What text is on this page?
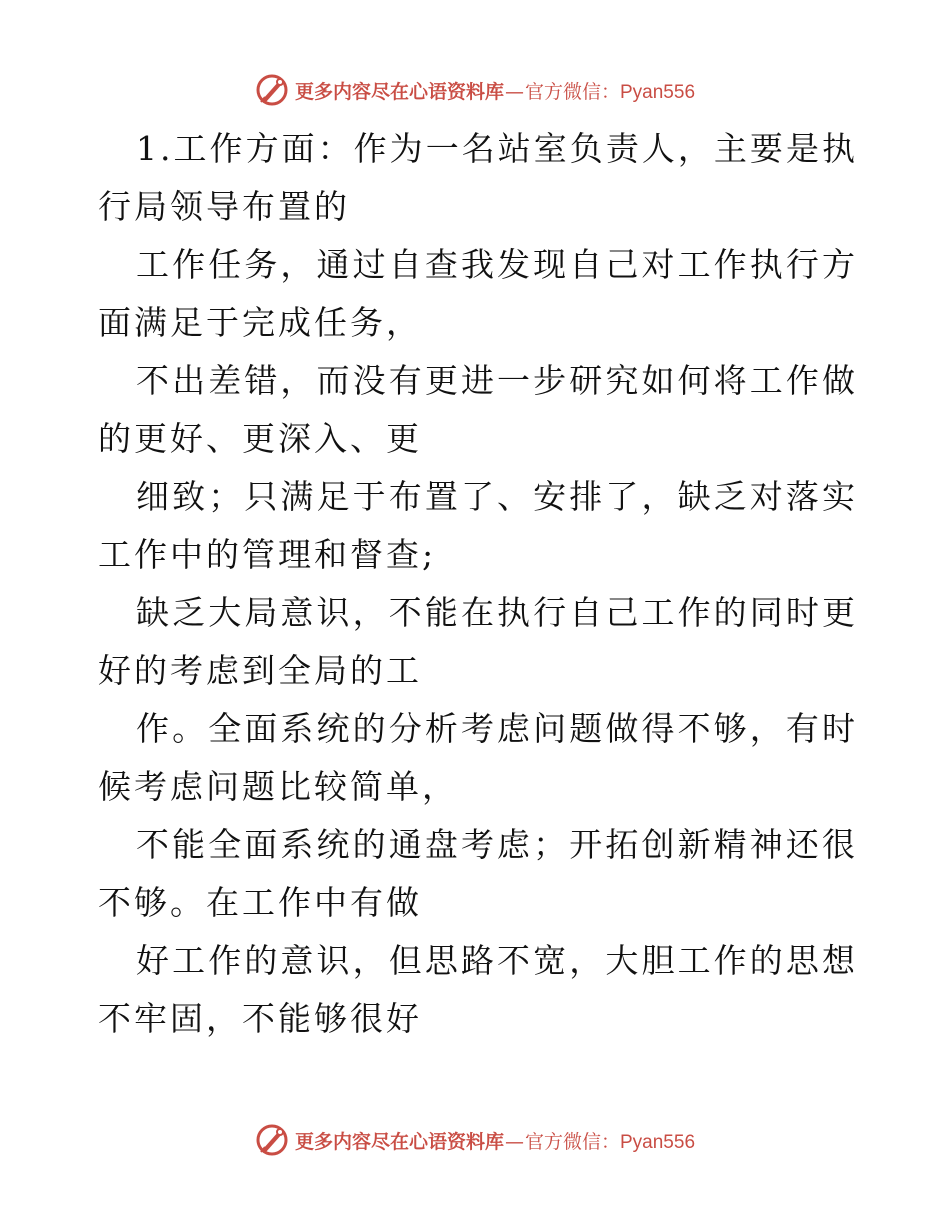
更多内容尽在心语资料库 — 官方微信： Pyan556

1.工作方面：作为一名站室负责人，主要是执行局领导布置的

工作任务，通过自查我发现自己对工作执行方面满足于完成任务，

不出差错，而没有更进一步研究如何将工作做的更好、更深入、更

细致；只满足于布置了、安排了，缺乏对落实工作中的管理和督查;

缺乏大局意识，不能在执行自己工作的同时更好的考虑到全局的工

作。全面系统的分析考虑问题做得不够，有时候考虑问题比较简单，

不能全面系统的通盘考虑；开拓创新精神还很不够。在工作中有做

好工作的意识，但思路不宽，大胆工作的思想不牢固，不能够很好

更多内容尽在心语资料库 — 官方微信： Pyan556
